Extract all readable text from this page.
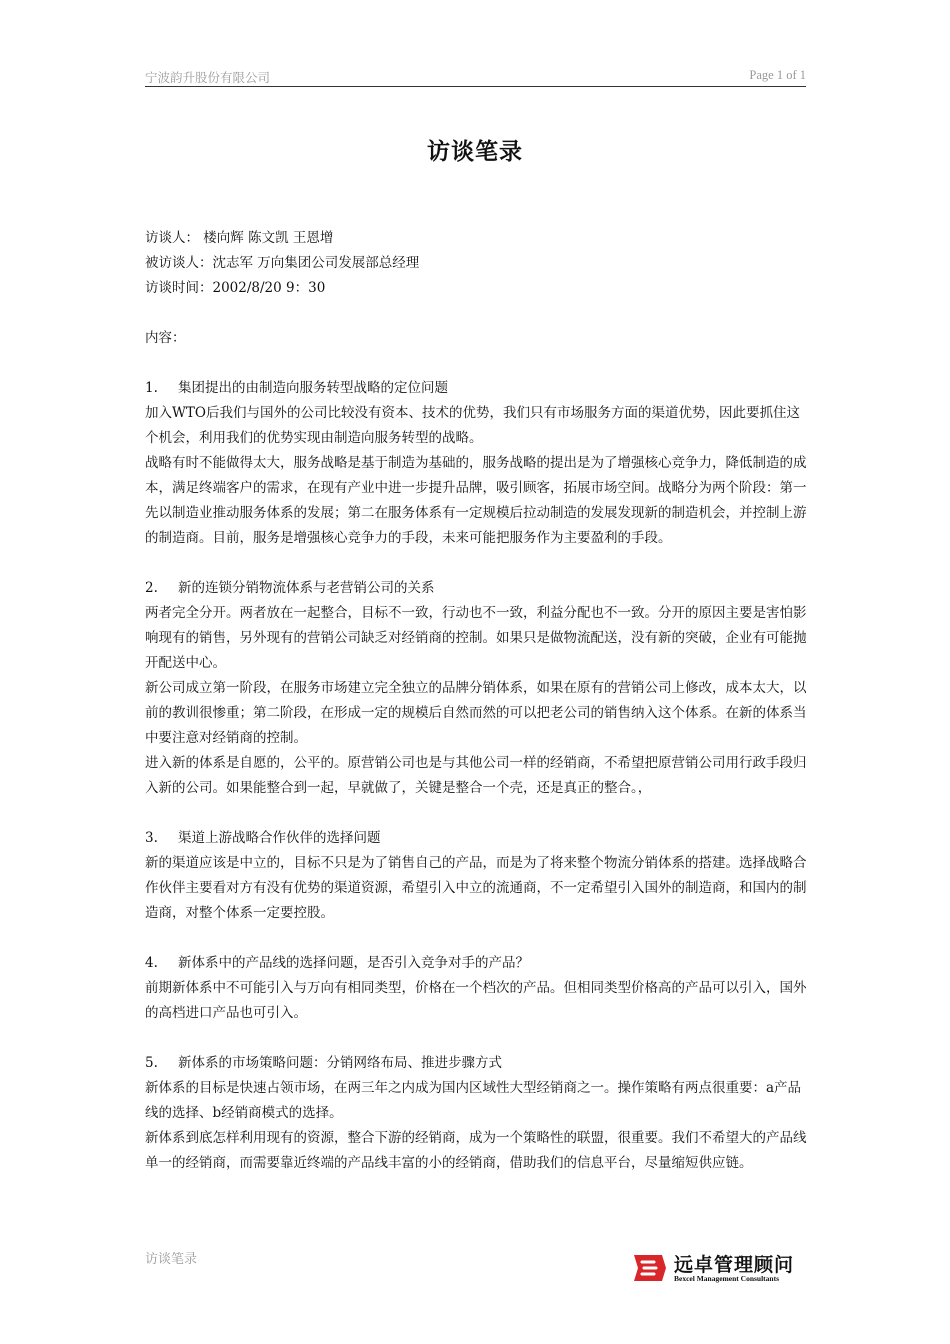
宁波韵升股份有限公司	Page 1 of 1
访谈笔录

访谈人： 楼向辉 陈文凯 王恩增

被访谈人：沈志军 万向集团公司发展部总经理

访谈时间：2002/8/20 9：30

内容：

1. 集团提出的由制造向服务转型战略的定位问题

加入WTO后我们与国外的公司比较没有资本、技术的优势，我们只有市场服务方面的渠道优势，因此要抓住这个机会，利用我们的优势实现由制造向服务转型的战略。

战略有时不能做得太大，服务战略是基于制造为基础的，服务战略的提出是为了增强核心竞争力，降低制造的成本，满足终端客户的需求，在现有产业中进一步提升品牌，吸引顾客，拓展市场空间。战略分为两个阶段：第一先以制造业推动服务体系的发展；第二在服务体系有一定规模后拉动制造的发展发现新的制造机会，并控制上游的制造商。目前，服务是增强核心竞争力的手段，未来可能把服务作为主要盈利的手段。

2. 新的连锁分销物流体系与老营销公司的关系

两者完全分开。两者放在一起整合，目标不一致，行动也不一致，利益分配也不一致。分开的原因主要是害怕影响现有的销售，另外现有的营销公司缺乏对经销商的控制。如果只是做物流配送，没有新的突破，企业有可能抛开配送中心。

新公司成立第一阶段，在服务市场建立完全独立的品牌分销体系，如果在原有的营销公司上修改，成本太大，以前的教训很惨重；第二阶段，在形成一定的规模后自然而然的可以把老公司的销售纳入这个体系。在新的体系当中要注意对经销商的控制。

进入新的体系是自愿的，公平的。原营销公司也是与其他公司一样的经销商，不希望把原营销公司用行政手段归入新的公司。如果能整合到一起，早就做了，关键是整合一个壳，还是真正的整合。，

3. 渠道上游战略合作伙伴的选择问题

新的渠道应该是中立的，目标不只是为了销售自己的产品，而是为了将来整个物流分销体系的搭建。选择战略合作伙伴主要看对方有没有优势的渠道资源，希望引入中立的流通商，不一定希望引入国外的制造商，和国内的制造商，对整个体系一定要控股。

4. 新体系中的产品线的选择问题，是否引入竞争对手的产品？

前期新体系中不可能引入与万向有相同类型，价格在一个档次的产品。但相同类型价格高的产品可以引入，国外的高档进口产品也可引入。

5. 新体系的市场策略问题：分销网络布局、推进步骤方式

新体系的目标是快速占领市场，在两三年之内成为国内区域性大型经销商之一。操作策略有两点很重要：a产品线的选择、b经销商模式的选择。

新体系到底怎样利用现有的资源，整合下游的经销商，成为一个策略性的联盟，很重要。我们不希望大的产品线单一的经销商，而需要靠近终端的产品线丰富的小的经销商，借助我们的信息平台，尽量缩短供应链。

访谈笔录	远卓管理顾问
Bexcel Management Consultants
